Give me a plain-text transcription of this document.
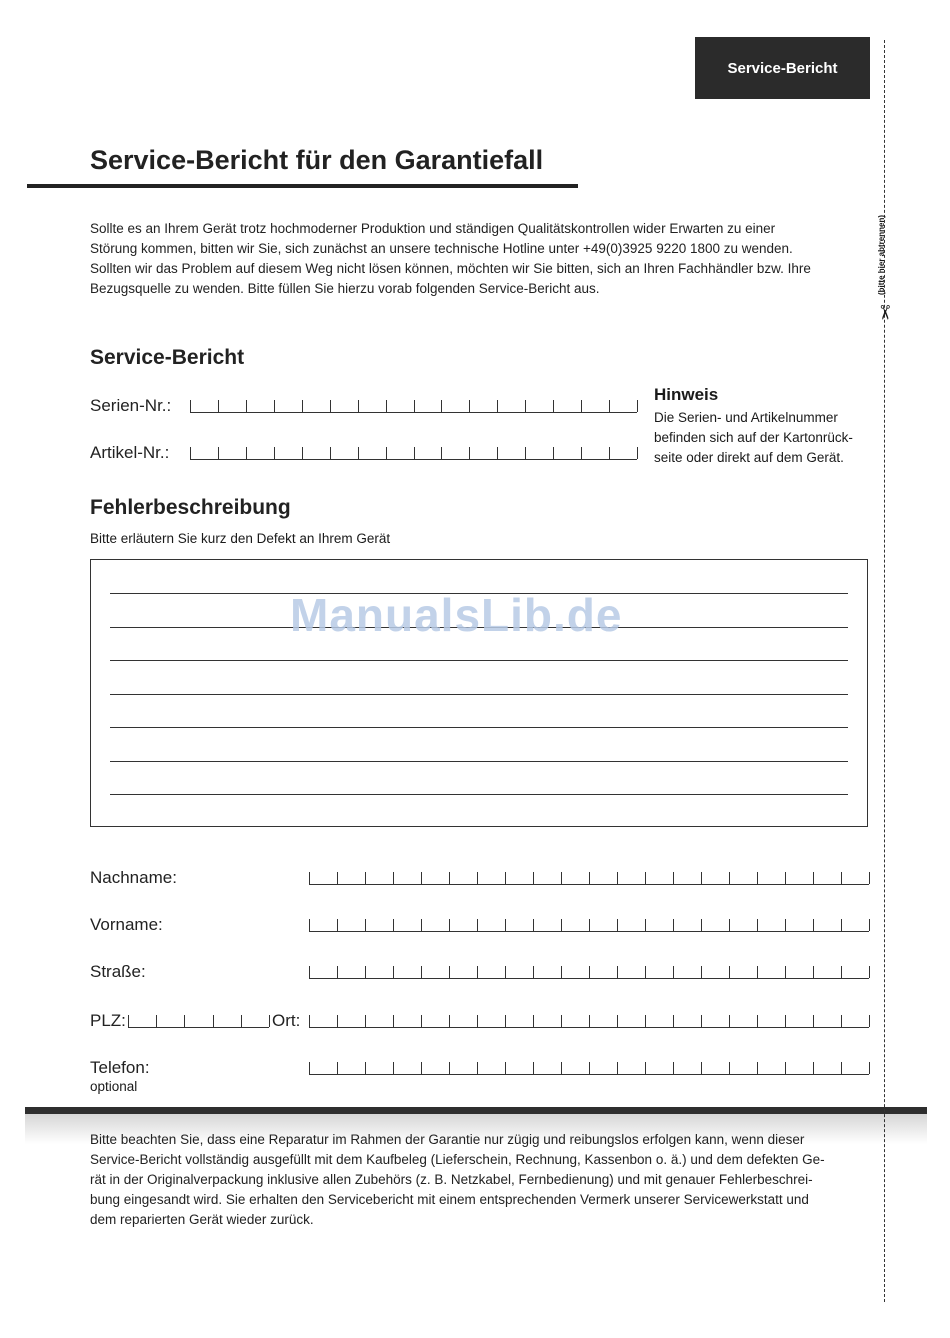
Service-Bericht
Service-Bericht für den Garantiefall
Sollte es an Ihrem Gerät trotz hochmoderner Produktion und ständigen Qualitätskontrollen wider Erwarten zu einer
Störung kommen, bitten wir Sie, sich zunächst an unsere technische Hotline unter +49(0)3925 9220 1800 zu wenden.
Sollten wir das Problem auf diesem Weg nicht lösen können, möchten wir Sie bitten, sich an Ihren Fachhändler bzw. Ihre
Bezugsquelle zu wenden. Bitte füllen Sie hierzu vorab folgenden Service-Bericht aus.
Service-Bericht
Serien-Nr.:
Artikel-Nr.:
Hinweis
Die Serien- und Artikelnummer
befinden sich auf der Kartonrück-
seite oder direkt auf dem Gerät.
Fehlerbeschreibung
Bitte erläutern Sie kurz den Defekt an Ihrem Gerät
ManualsLib.de
Nachname:
Vorname:
Straße:
PLZ:	Ort:
Telefon:
optional
Bitte beachten Sie, dass eine Reparatur im Rahmen der Garantie nur zügig und reibungslos erfolgen kann, wenn dieser
Service-Bericht vollständig ausgefüllt mit dem Kaufbeleg (Lieferschein, Rechnung, Kassenbon o. ä.) und dem defekten Ge-
rät in der Originalverpackung inklusive allen Zubehörs (z. B. Netzkabel, Fernbedienung) und mit genauer Fehlerbeschrei-
bung eingesandt wird. Sie erhalten den Servicebericht mit einem entsprechenden Vermerk unserer Servicewerkstatt und
dem reparierten Gerät wieder zurück.
(bitte hier abtrennen)
✂
